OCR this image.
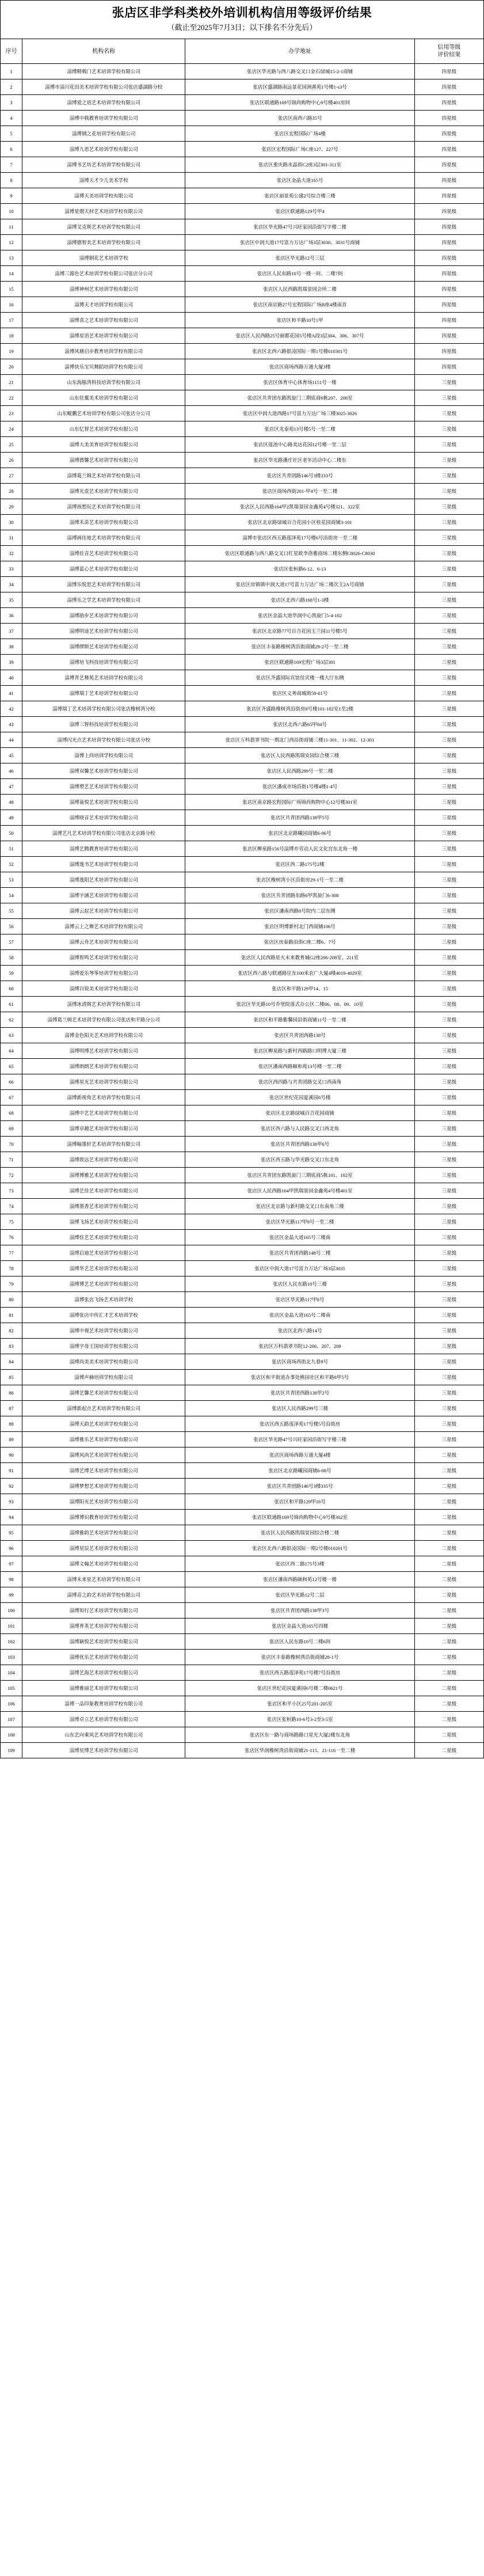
张店区非学科类校外培训机构信用等级评价结果
（截止至2025年7月3日；以下排名不分先后）
序号	机构名称	办学地址	信用等级
评价结果
1	淄博精戟门艺术培训学校有限公司	张店区华光路与西八路交叉口金石绿城15-2-1商铺	四星级
2	淄博市淄川花田美术培训学校有限公司张店盛湖路分校	张店区盛湖路南远景花园洲熹苑1号楼1-s3号	四星级
3	淄博爱之语艺术培训学校有限公司	张店区联通路169号锦尚购物中心9号楼401房间	四星级
4	淄博中戟教育培训学校有限公司	张店区南西六路35号	四星级
5	淄博钢之花培训学校有限公司	张店区宏程国际广场4楼	四星级
6	淄博九思艺术培训学校有限公司	张店区宏程国际广场C座127、227号	四星级
7	淄博书艺坊艺术培训学校有限公司	张店区重庆路水晶街C2座3层301-311室	四星级
8	淄博天才少儿美术学校	张店区金晶大道165号	四星级
9	淄博天美培训学校有限公司	张店区丽景苑公建2号综合楼三楼	四星级
10	淄博星熠天材艺术培训学校有限公司	张店区联通路129号甲4	四星级
11	淄博艾克斯艺术培训学校有限公司	张店区华光路47号兴旺家园沿街写字楼二楼	四星级
12	淄博德智美艺术培训学校有限公司	张店区中润大道17号富力万达广场3层3030、3031号商铺	四星级
13	淄博钢花艺术培训学校	张店区华光路12号三层	四星级
14	淄博三源色艺术培训学校有限公司张店分公司	张店区人民东路10号一楼一间、二楼7间	四星级
15	淄博神州艺术培训学校有限公司	张店区人民西路凯瑞景园会所二楼	四星级
16	淄博天才培训学校有限公司	张店区南京路27号宏程国际广场B座4楼南首	四星级
17	淄博喜之艺术培训学校有限公司	张店区和平路10号1甲	四星级
18	淄博星语艺术培训学校有限公司	张店区人民西路25号丽都花园5号楼A段3层304、306、307号	四星级
19	淄博风塘启步教育培训学校有限公司	张店区北西六路银凌国际一期1号楼010301号	四星级
20	淄博快乐宝贝舞蹈培训学校有限公司	张店区商场西路万通大厦3楼	四星级
21	山东海豚湾科技培训学校有限公司	张店区体育中心体育场1151号一楼	三星级
22	山东佳翼美术培训学校有限公司	张店区共青团东路凯旋门二期底商6栋207、208室	三星级
23	山东鲲鹏艺术培训学校有限公司张店分公司	张店区中润大道西路17号富力万达广场三楼3025-3026	三星级
24	山东忆智艺术培训学校有限公司	张店区龙泰苑13号楼5号一至二楼	三星级
25	淄博大美美育培训学校有限公司	张店区莲池中心路美达花园12号楼一至二层	三星级
26	淄博德馨艺术培训学校有限公司	张店区华光路潘庄社区老年活动中心二楼东	三星级
27	淄博葛兰姆艺术培训学校有限公司	张店区共青团路146号3楼333号	三星级
28	淄博光壹艺术培训学校有限公司	张店区商场西街201-甲4号一至二楼	三星级
29	淄博孩想玩艺术培训学校有限公司	张店区人民西路164甲2凯瑞景园金鑫苑4号楼321、322室	三星级
30	淄博禾苗艺术培训学校有限公司	张店区北京路绿城百合花园小区桂花园商铺3-101	三星级
31	淄博画佳地艺术培训学校有限公司	淄博市张店区西五路莲泽苑17号楼6号沿街房一至二楼	三星级
32	淄博佳音艺术培训学校有限公司	张店区联通路与西八路交叉口红星欧李洛雅商场二楼东侧C8026-C8030	三星级
33	淄博蓝心艺术培训学校有限公司	张店区张桓路6-12、6-13	三星级
34	淄博乐悦思艺术培训学校有限公司	张店区房镇镇中润大道17号富力万达广场二楼次主2A号商铺	三星级
35	淄博乐之学艺术培训学校有限公司	张店区北西六路168号1-3楼	三星级
36	淄博励步艺术培训学校有限公司	张店区金晶大道华润中心凯旋门5-4-102	三星级
37	淄博明途艺术培训学校有限公司	张店区北京路77号百合花园玉兰园11号楼5号	三星级
38	淄博缪斯艺术培训学校有限公司	张店区丰泰路橡树湾沿街商铺29-2号一至二楼	三星级
39	淄博培飞科技培训学校有限公司	张店区联通路169宏程广场3层301	三星级
40	淄博青艺舞苑艺术培训学校有限公司	张店区齐盛国际宾馆佳宾楼一楼大厅东侧	三星级
41	淄博瑞丁艺术培训学校有限公司	张店区义务商城街59-61号	三星级
42	淄博瑞丁艺术培训学校有限公司张店橡树湾分校	张店区齐盛路橡树湾沿街房8号楼101-102室1至2楼	三星级
43	淄博三智科技培训学校有限公司	张店区北西六路65甲84号	三星级
44	淄博闪光点艺术培训学校有限公司张店分校	张店区万科翡翠书院一期北门西沿街商铺三楼11-301、11-302、12-301	三星级
45	淄博上尚培训学校有限公司	张店区人民西路凯瑞安园综合楼三楼	三星级
46	淄博双馨艺术培训学校有限公司	张店区人民西路299号一至二楼	三星级
47	淄博塑艺艺术培训学校有限公司	张店区潘成市场沿街1号楼4楼1-4号	三星级
48	淄博童悦艺术培训学校有限公司	张店区南京路宏程国际广场锦尚购物中心12号楼301室	三星级
49	淄博晓音艺术培训学校有限公司	张店区共青团西路138甲5号	三星级
50	淄博艺凡艺术培训学校有限公司张店北京路分校	张店区北京路曦园商铺6-06号	三星级
51	淄博艺腾教育培训学校有限公司	张店区柳泉路156号淄博市劳动人民文化宫东北角一楼	三星级
52	淄博逸书艺术培训学校有限公司	张店区西二路175号2楼	三星级
53	淄博逸阳艺术培训学校有限公司	张店区橡树湾小区沿街房29-1号一至二楼	三星级
54	淄博宇涵艺术培训学校有限公司	张店区共青团路东路6甲凯旋门6-308	三星级
55	淄博云起艺术培训学校有限公司	张店区潘南西路8号院内二层东侧	三星级
56	淄博云上之舞艺术培训学校有限公司	张店区明博新村北门西商铺106号	三星级
57	淄博云舟艺术培训学校有限公司	张店区房泰路沿街C座二楼6、7号	三星级
58	淄博智鸣艺术培训学校有限公司	张店区人民西路星火未来教育城G2座206-208室、211室	三星级
59	淄博爱乐琴筝培训学校有限公司	张店区西八路与联通路往东100米农广大厦4楼4019-4029室	三星级
60	淄博百锐美术培训学校有限公司	张店区和平路129甲14、15	三星级
61	淄博冰清阁艺术培训学校有限公司	张店区华光路10号乔里院落式办公区二楼06、08、09、10室	三星级
62	淄博葛兰姆艺术培训学校有限公司张店和平路分公司	张店区和平路紫馨园沿街商铺11号一至二楼	三星级
63	淄博金色阳光艺术培训学校有限公司	张店区共青团西路138号	三星级
64	淄博明博艺术培训学校有限公司	张店区柳泉路与新村西路路口明博大厦三楼	三星级
65	淄博朗朗艺术培训学校有限公司	张店区潘南西路颐和苑13号楼一至二楼	三星级
66	淄博星光艺术培训学校有限公司	张店区西四路与共青团路交叉口西南角	三星级
67	淄博新视角艺术培训学校有限公司	张店区世纪花园夏溪园6号楼	三星级
68	淄博中艺艺术培训学校有限公司	张店区北京路绿城百合花园商铺	三星级
69	淄博卓越艺术培训学校有限公司	张店区西六路与人民路交叉口西北角	三星级
70	淄博翰墨轩艺术培训学校有限公司	张店区共青团西路138甲6号	三星级
71	淄博致远艺术培训学校有限公司	张店区西五路与华光路交叉口东北角	三星级
72	淄博博雅艺术培训学校有限公司	张店区共青团东路凯旋门三期底商5栋101、102室	三星级
73	淄博艺佳艺术培训学校有限公司	张店区人民西路164甲凯瑞景园金鑫苑4号楼401室	三星级
74	淄博墨香艺术培训学校有限公司	张店区北京路与新村路交叉口东南角三楼	三星级
75	淄博飞扬艺术培训学校有限公司	张店区华光路117甲9号一至二楼	三星级
76	淄博佳艺艺术培训学校有限公司	张店区金晶大道165号三楼南	三星级
77	淄博启迪艺术培训学校有限公司	张店区共青团西路148号二楼	三星级
78	淄博华艺艺术培训学校有限公司	张店区中润大道17号富力万达广场3层3035	三星级
79	淄博博艺艺术培训学校有限公司	张店区人民东路10号三楼	三星级
80	淄博张店飞扬艺术培训学校	张店区华光路117甲8号	三星级
81	淄博张店中传汇才艺术培训学校	张店区金晶大道165号二楼南	三星级
82	淄博中视艺术培训学校有限公司	张店区北西六路14号	三星级
83	淄博字母王国培训学校有限公司	张店区万科翡翠书院12-206、207、208	三星级
84	淄博尚美美术培训学校有限公司	张店区商场西街北九巷9号	三星级
85	淄博声赫培训学校有限公司	张店区和平街道办事处桃园社区和平路8甲5号	三星级
86	淄博艺馨艺术培训学校有限公司	张店区共青团西路138甲2号	三星级
87	淄博新起点艺术培训学校有限公司	张店区人民西路299号三楼	三星级
88	淄博天韵艺术培训学校有限公司	张店区西五路莲泽苑17号楼5号沿街房	三星级
89	淄博雅乐艺术培训学校有限公司	张店区华光路47号兴旺家园沿街写字楼三楼	三星级
90	淄博风尚艺术培训学校有限公司	张店区商场西路万通大厦4楼	二星级
91	淄博艺博艺术培训学校有限公司	张店区北京路曦园商铺6-08号	二星级
92	淄博梦想艺术培训学校有限公司	张店区共青团路146号3楼335号	二星级
93	淄博阳光艺术培训学校有限公司	张店区和平路129甲16号	二星级
94	淄博博识教育培训学校有限公司	张店区联通路169号锦尚购物中心9号楼302室	二星级
95	淄博雅韵艺术培训学校有限公司	张店区人民西路凯瑞景园综合楼二楼	二星级
96	淄博星辰艺术培训学校有限公司	张店区北西六路银凌国际一期2号楼010201号	二星级
97	淄博文翰艺术培训学校有限公司	张店区西二路175号3楼	二星级
98	淄博未来星艺术培训学校有限公司	张店区潘南西路颐和苑12号楼一楼	二星级
99	淄博音之韵艺术培训学校有限公司	张店区华光路12号二层	二星级
100	淄博知行艺术培训学校有限公司	张店区共青团西路138甲3号	二星级
101	淄博育英艺术培训学校有限公司	张店区金晶大道165号四楼	二星级
102	淄博颖悦艺术培训学校有限公司	张店区人民东路10号二楼6间	二星级
103	淄博优乐艺术培训学校有限公司	张店区丰泰路橡树湾沿街商铺28-1号	二星级
104	淄博艺海艺术培训学校有限公司	张店区西五路莲泽苑17号楼7号沿街房	二星级
105	淄博雅丽艺术培训学校有限公司	张店区世纪花园夏溪园6号楼二楼0621号	二星级
106	淄博一品印象教育培训学校有限公司	张店区和平小区25号201-205室	二星级
107	淄博卓立艺术培训学校有限公司	张店区张桓路10-6号3-2至3-5室	二星级
108	山东艺向乘风艺术培训学校有限公司	张店区东一路与商场路路口星光大厦2楼东北角	二星级
109	淄博星博艺术培训学校有限公司	张店区华润橡树湾沿街商铺21-115、21-116一至二楼	二星级
